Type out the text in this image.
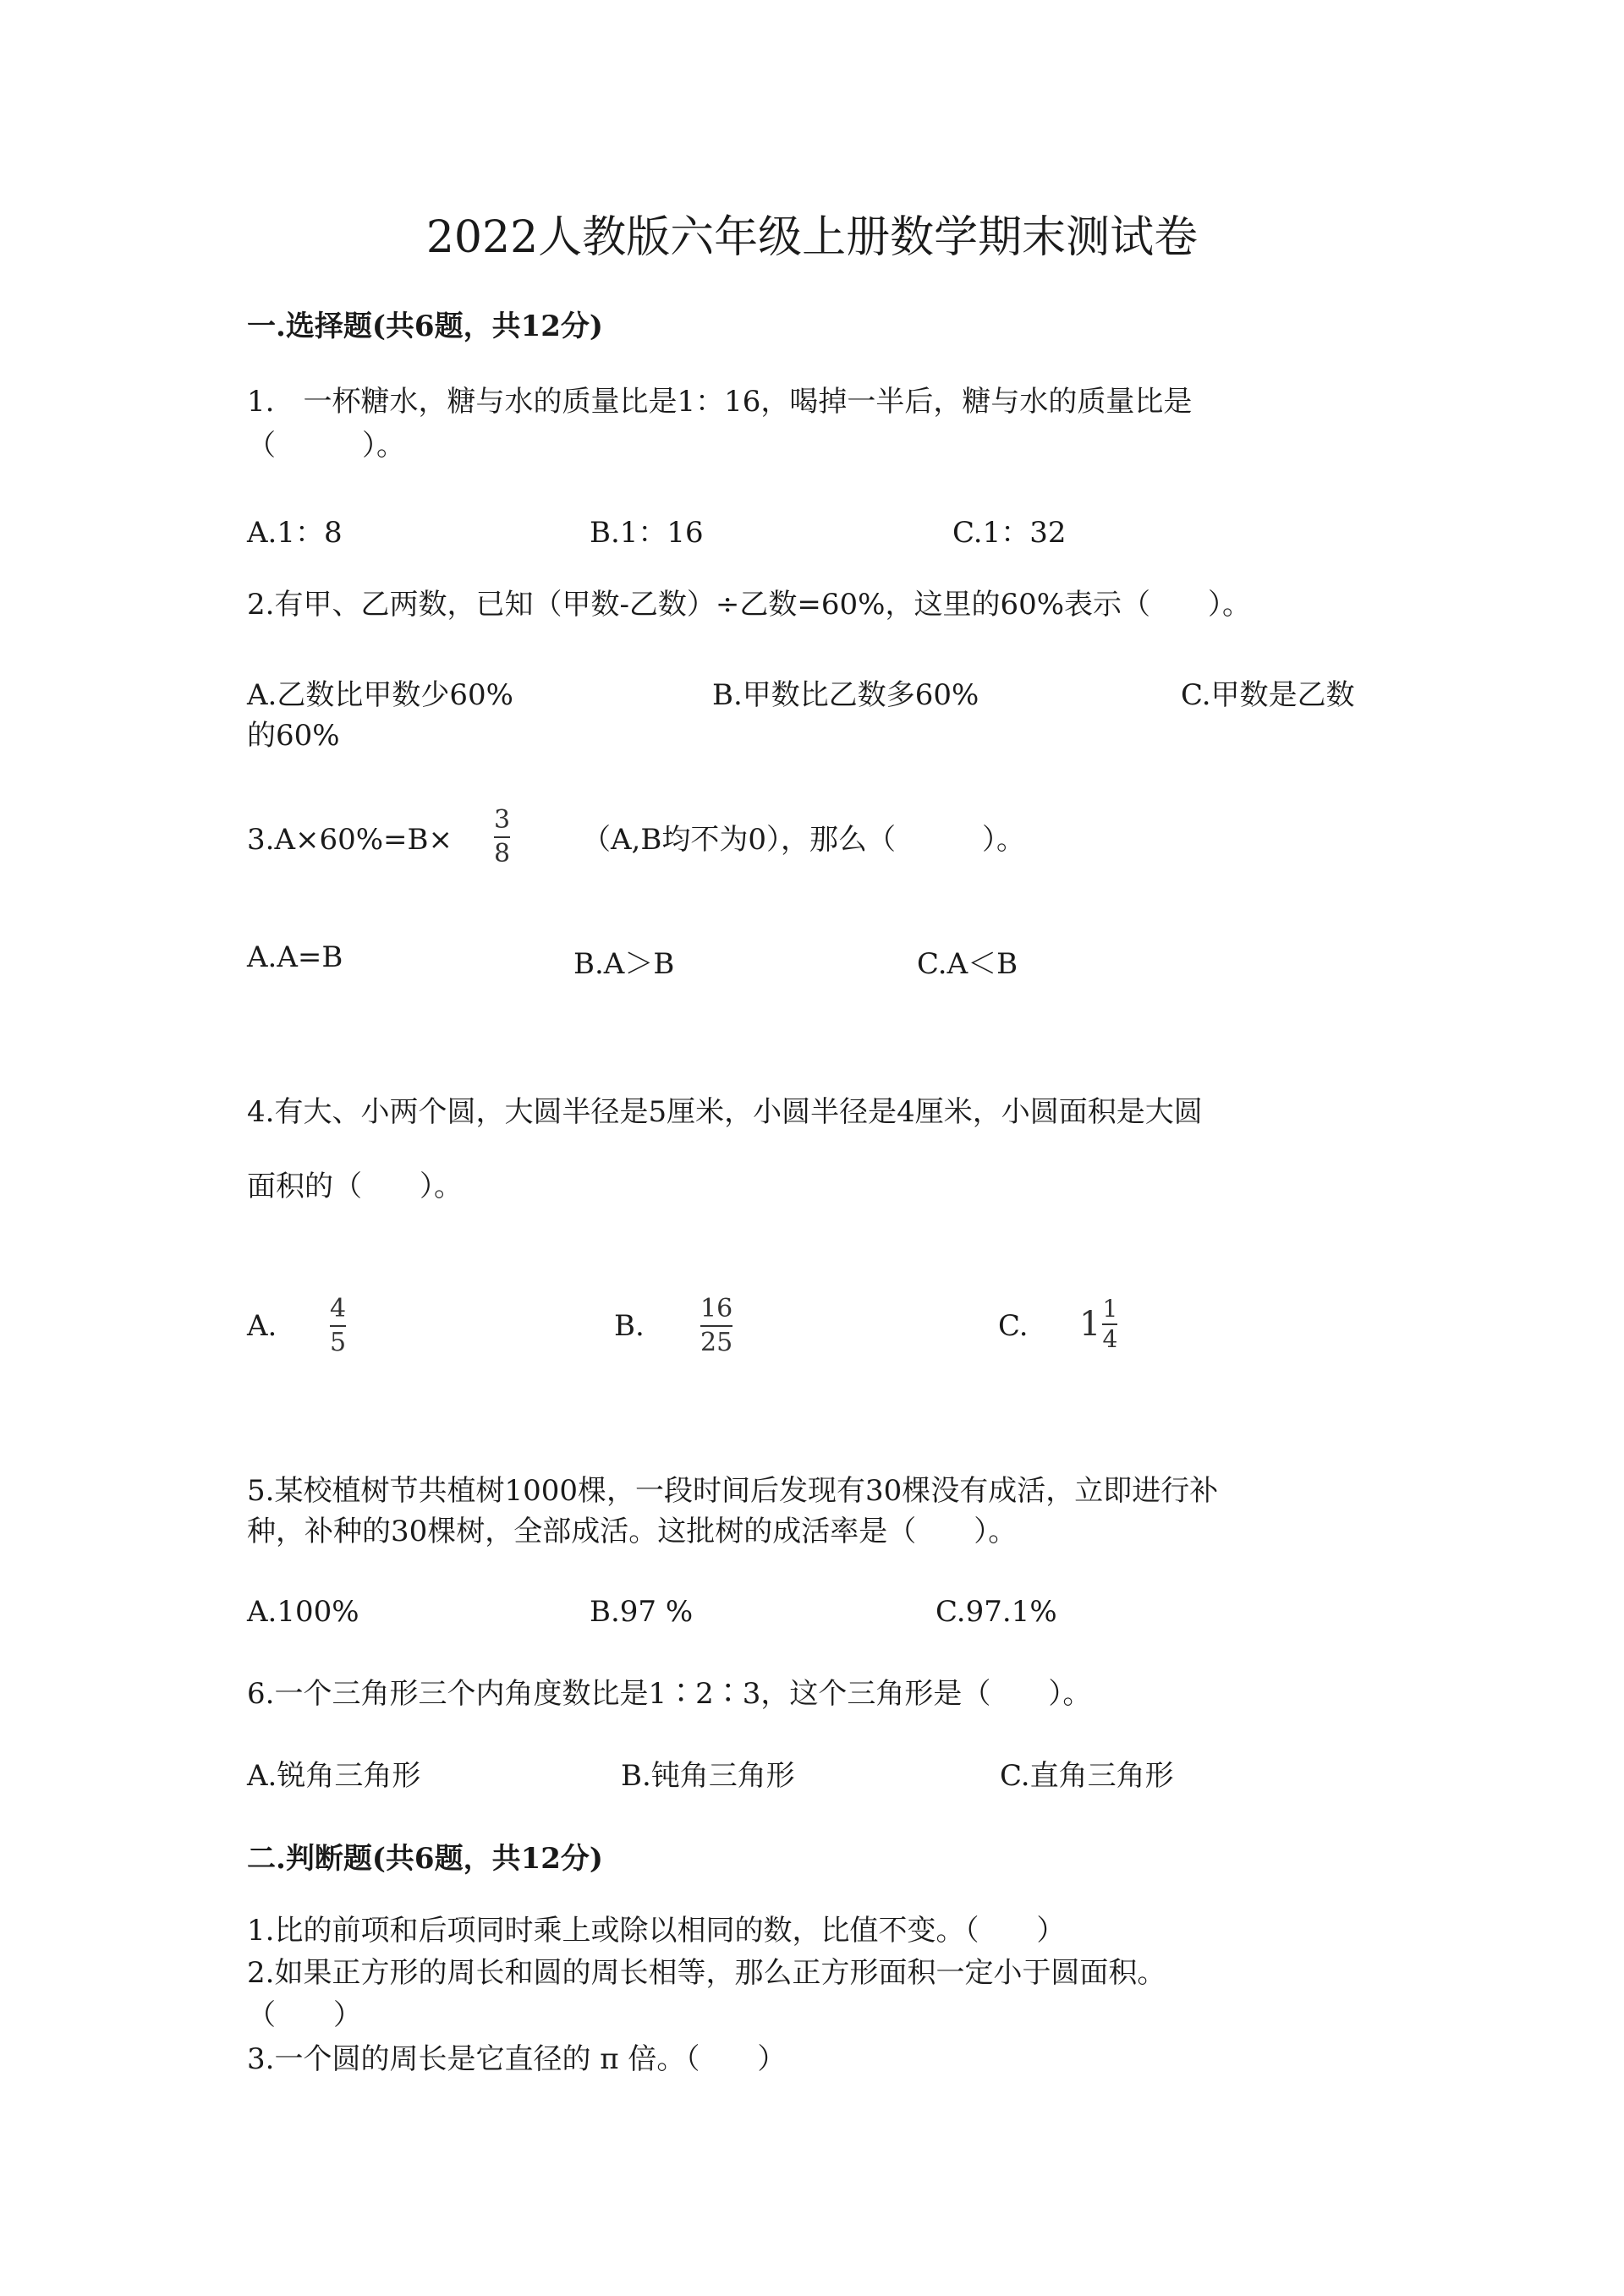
2022人教版六年级上册数学期末测试卷
一.选择题(共6题，共12分)
1.　一杯糖水，糖与水的质量比是1：16，喝掉一半后，糖与水的质量比是
（　　　）。
A.1：8	B.1：16	C.1：32
2.有甲、乙两数，已知（甲数-乙数）÷乙数=60%，这里的60%表示（　　）。
A.乙数比甲数少60%	B.甲数比乙数多60%	C.甲数是乙数
的60%
3.A×60%=B×
3
8 （A,B均不为0），那么（　　　）。
A.A=B	B.A＞B	C.A＜B
4.有大、小两个圆，大圆半径是5厘米，小圆半径是4厘米，小圆面积是大圆
面积的（　　）。
A.
4
5	B.
16
25	C. $1 \frac{1}{4}$
5.某校植树节共植树1000棵，一段时间后发现有30棵没有成活，立即进行补
种，补种的30棵树，全部成活。这批树的成活率是（　　）。
A.100%	B.97 %	C.97.1%
6.一个三角形三个内角度数比是1∶2∶3，这个三角形是（　　）。
A.锐角三角形	B.钝角三角形	C.直角三角形
二.判断题(共6题，共12分)
1.比的前项和后项同时乘上或除以相同的数，比值不变。（　　）
2.如果正方形的周长和圆的周长相等，那么正方形面积一定小于圆面积。
（　　）
3.一个圆的周长是它直径的 π 倍。（　　）
